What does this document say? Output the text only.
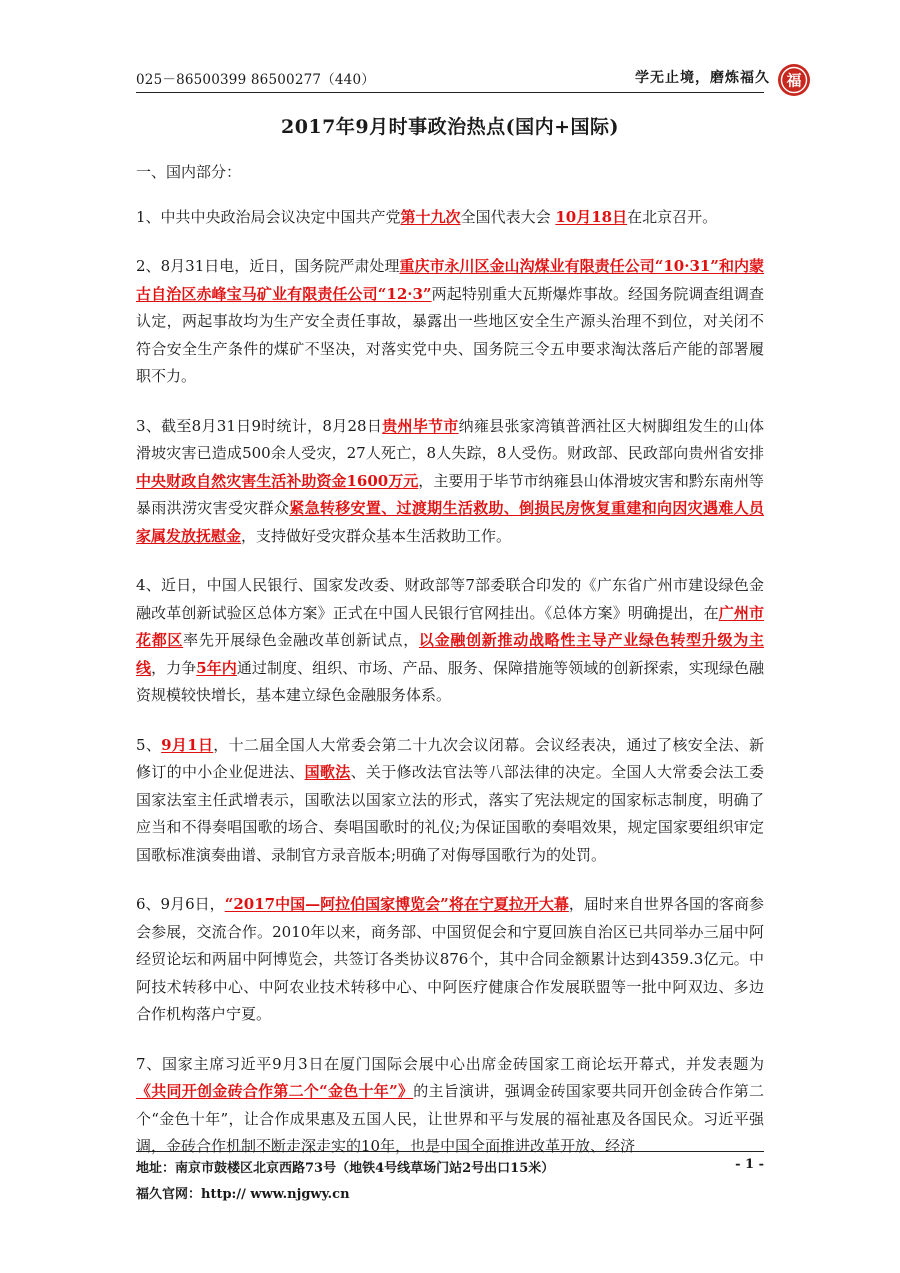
025－86500399 86500277（440）	学无止境，磨炼福久 福
2017年9月时事政治热点(国内+国际)

一、国内部分：

1、中共中央政治局会议决定中国共产党第十九次全国代表大会 10月18日在北京召开。

2、8月31日电，近日，国务院严肃处理重庆市永川区金山沟煤业有限责任公司“10·31”和内蒙古自治区赤峰宝马矿业有限责任公司“12·3”两起特别重大瓦斯爆炸事故。经国务院调查组调查认定，两起事故均为生产安全责任事故，暴露出一些地区安全生产源头治理不到位，对关闭不符合安全生产条件的煤矿不坚决，对落实党中央、国务院三令五申要求淘汰落后产能的部署履职不力。

3、截至8月31日9时统计，8月28日贵州毕节市纳雍县张家湾镇普洒社区大树脚组发生的山体滑坡灾害已造成500余人受灾，27人死亡，8人失踪，8人受伤。财政部、民政部向贵州省安排中央财政自然灾害生活补助资金1600万元，主要用于毕节市纳雍县山体滑坡灾害和黔东南州等暴雨洪涝灾害受灾群众紧急转移安置、过渡期生活救助、倒损民房恢复重建和向因灾遇难人员家属发放抚慰金，支持做好受灾群众基本生活救助工作。

4、近日，中国人民银行、国家发改委、财政部等7部委联合印发的《广东省广州市建设绿色金融改革创新试验区总体方案》正式在中国人民银行官网挂出。《总体方案》明确提出，在广州市花都区率先开展绿色金融改革创新试点，以金融创新推动战略性主导产业绿色转型升级为主线，力争5年内通过制度、组织、市场、产品、服务、保障措施等领域的创新探索，实现绿色融资规模较快增长，基本建立绿色金融服务体系。

5、9月1日，十二届全国人大常委会第二十九次会议闭幕。会议经表决，通过了核安全法、新修订的中小企业促进法、国歌法、关于修改法官法等八部法律的决定。全国人大常委会法工委国家法室主任武增表示，国歌法以国家立法的形式，落实了宪法规定的国家标志制度，明确了应当和不得奏唱国歌的场合、奏唱国歌时的礼仪;为保证国歌的奏唱效果，规定国家要组织审定国歌标准演奏曲谱、录制官方录音版本;明确了对侮辱国歌行为的处罚。

6、9月6日，“2017中国—阿拉伯国家博览会”将在宁夏拉开大幕，届时来自世界各国的客商参会参展，交流合作。2010年以来，商务部、中国贸促会和宁夏回族自治区已共同举办三届中阿经贸论坛和两届中阿博览会，共签订各类协议876个，其中合同金额累计达到4359.3亿元。中阿技术转移中心、中阿农业技术转移中心、中阿医疗健康合作发展联盟等一批中阿双边、多边合作机构落户宁夏。

7、国家主席习近平9月3日在厦门国际会展中心出席金砖国家工商论坛开幕式，并发表题为《共同开创金砖合作第二个“金色十年”》的主旨演讲，强调金砖国家要共同开创金砖合作第二个“金色十年”，让合作成果惠及五国人民，让世界和平与发展的福祉惠及各国民众。习近平强调，金砖合作机制不断走深走实的10年，也是中国全面推进改革开放、经济

地址：南京市鼓楼区北京西路73号（地铁4号线草场门站2号出口15米）	- 1 -
福久官网：http:// www.njgwy.cn
